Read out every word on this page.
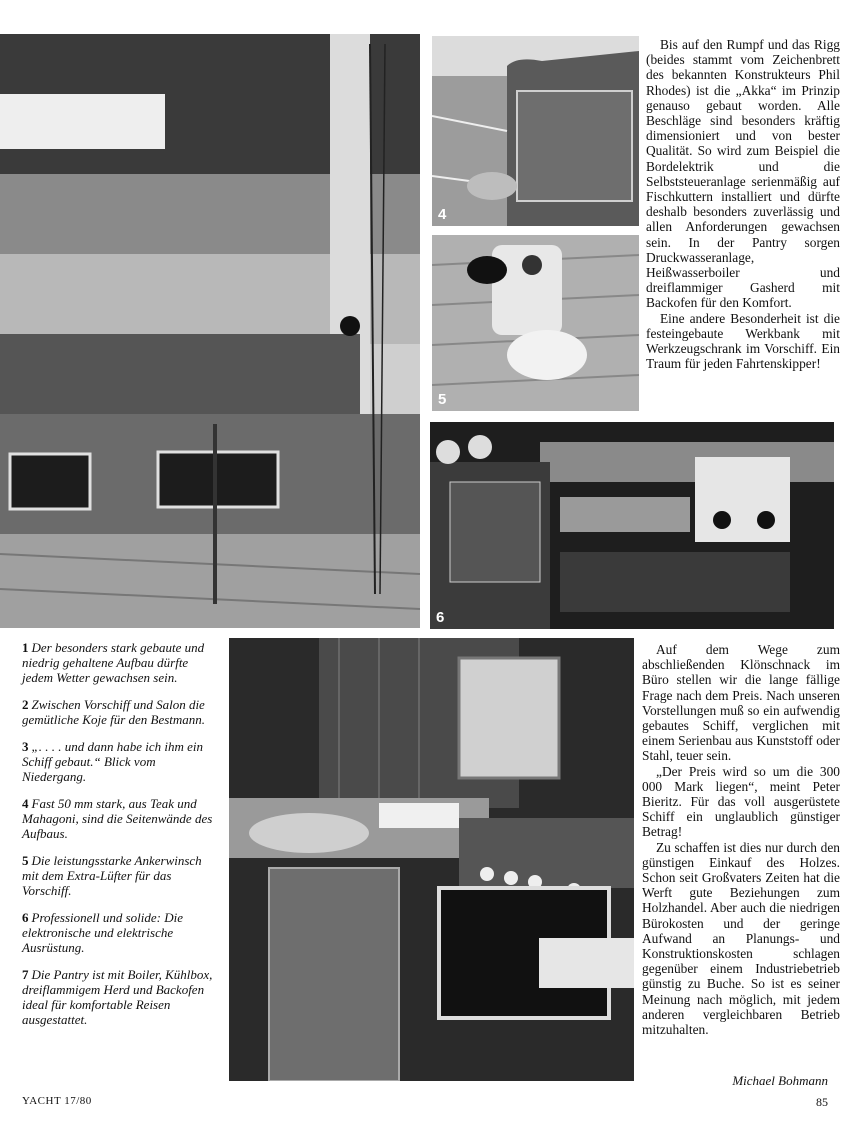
4
5
6

Bis auf den Rumpf und das Rigg (beides stammt vom Zeichenbrett des bekannten Konstrukteurs Phil Rhodes) ist die „Akka“ im Prinzip genauso gebaut worden. Alle Beschläge sind besonders kräftig dimensioniert und von bester Qualität. So wird zum Beispiel die Bordelektrik und die Selbststeueranlage serienmäßig auf Fischkuttern installiert und dürfte deshalb besonders zuverlässig und allen Anforderungen gewachsen sein. In der Pantry sorgen Druckwasseranlage, Heißwasserboiler und dreiflammiger Gasherd mit Backofen für den Komfort.

Eine andere Besonderheit ist die festeingebaute Werkbank mit Werkzeugschrank im Vorschiff. Ein Traum für jeden Fahrtenskipper!

Auf dem Wege zum abschließenden Klönschnack im Büro stellen wir die lange fällige Frage nach dem Preis. Nach unseren Vorstellungen muß so ein aufwendig gebautes Schiff, verglichen mit einem Serienbau aus Kunststoff oder Stahl, teuer sein.

„Der Preis wird so um die 300 000 Mark liegen“, meint Peter Bieritz. Für das voll ausgerüstete Schiff ein unglaublich günstiger Betrag!

Zu schaffen ist dies nur durch den günstigen Einkauf des Holzes. Schon seit Großvaters Zeiten hat die Werft gute Beziehungen zum Holzhandel. Aber auch die niedrigen Bürokosten und der geringe Aufwand an Planungs- und Konstruktionskosten schlagen gegenüber einem Industriebetrieb günstig zu Buche. So ist es seiner Meinung nach möglich, mit jedem anderen vergleichbaren Betrieb mitzuhalten.

1 Der besonders stark gebaute und niedrig gehaltene Aufbau dürfte jedem Wetter gewachsen sein.

2 Zwischen Vorschiff und Salon die gemütliche Koje für den Bestmann.

3 „. . . . und dann habe ich ihm ein Schiff gebaut.“ Blick vom Niedergang.

4 Fast 50 mm stark, aus Teak und Mahagoni, sind die Seitenwände des Aufbaus.

5 Die leistungsstarke Ankerwinsch mit dem Extra-Lüfter für das Vorschiff.

6 Professionell und solide: Die elektronische und elektrische Ausrüstung.

7 Die Pantry ist mit Boiler, Kühlbox, dreiflammigem Herd und Backofen ideal für komfortable Reisen ausgestattet.

Michael Bohmann
YACHT 17/80	85
